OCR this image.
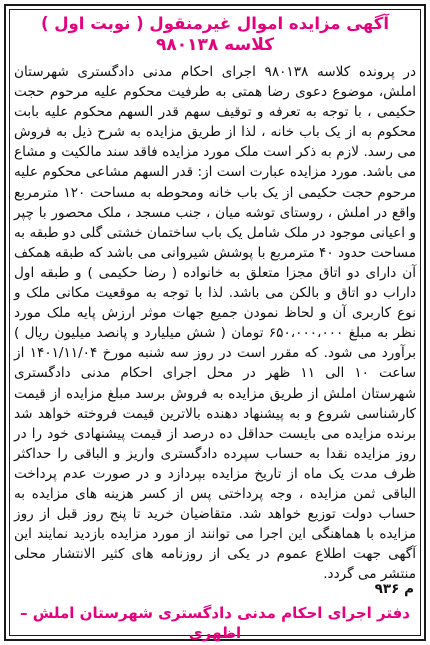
آگهی مزایده اموال غیرمنقول ( نوبت اول )
کلاسه ۹۸۰۱۳۸

در پرونده کلاسه ۹۸۰۱۳۸ اجرای احکام مدنی دادگستری شهرستان املش، موضوع دعوی رضا همتی به طرفیت محکوم علیه مرحوم حجت حکیمی ، با توجه به تعرفه و توقیف سهم قدر السهم محکوم علیه بابت محکوم به از یک باب خانه ، لذا از طریق مزایده به شرح ذیل به فروش می رسد. لازم به ذکر است ملک مورد مزایده فاقد سند مالکیت و مشاع می باشد. مورد مزایده عبارت است از: قدر السهم مشاعی محکوم علیه مرحوم حجت حکیمی از یک باب خانه ومحوطه به مساحت ۱۲۰ مترمربع واقع در املش ، روستای توشه میان ، جنب مسجد ، ملک محصور با چپر و اعیانی موجود در ملک شامل یک باب ساختمان خشتی گلی دو طبقه به مساحت حدود ۴۰ مترمربع با پوشش شیروانی می باشد که طبقه همکف آن دارای دو اتاق مجزا متعلق به خانواده ( رضا حکیمی ) و طبقه اول داراب دو اتاق و بالکن می باشد. لذا با توجه به موقعیت مکانی ملک و نوع کاربری آن و لحاظ نمودن جمیع جهات موثر ارزش پایه ملک مورد نظر به مبلغ ۶۵۰،۰۰۰،۰۰۰ تومان ( شش میلیارد و پانصد میلیون ریال ) برآورد می شود. که مقرر است در روز سه شنبه مورخ ۱۴۰۱/۱۱/۰۴ از ساعت ۱۰ الی ۱۱ ظهر در محل اجرای احکام مدنی دادگستری شهرستان املش از طریق مزایده به فروش برسد مبلغ مزایده از قیمت کارشناسی شروع و به پیشنهاد دهنده بالاترین قیمت فروخته خواهد شد برنده مزایده می بایست حداقل ده درصد از قیمت پیشنهادی خود را در روز مزایده نقدا به حساب سپرده دادگستری واریز و الباقی را حداکثر ظرف مدت یک ماه از تاریخ مزایده بپردازد و در صورت عدم پرداخت الباقی ثمن مزایده ، وجه پرداختی پس از کسر هزینه های مزایده به حساب دولت توزیع خواهد شد. متقاضیان خرید تا پنج روز قبل از روز مزایده با هماهنگی این اجرا می توانند از مورد مزایده بازدید نمایند این آگهی جهت اطلاع عموم در یکی از روزنامه های کثیر الانتشار محلی منتشر می گردد.

م ۹۳۶
دفتر اجرای احکام مدنی دادگستری شهرستان املش – اظهری
